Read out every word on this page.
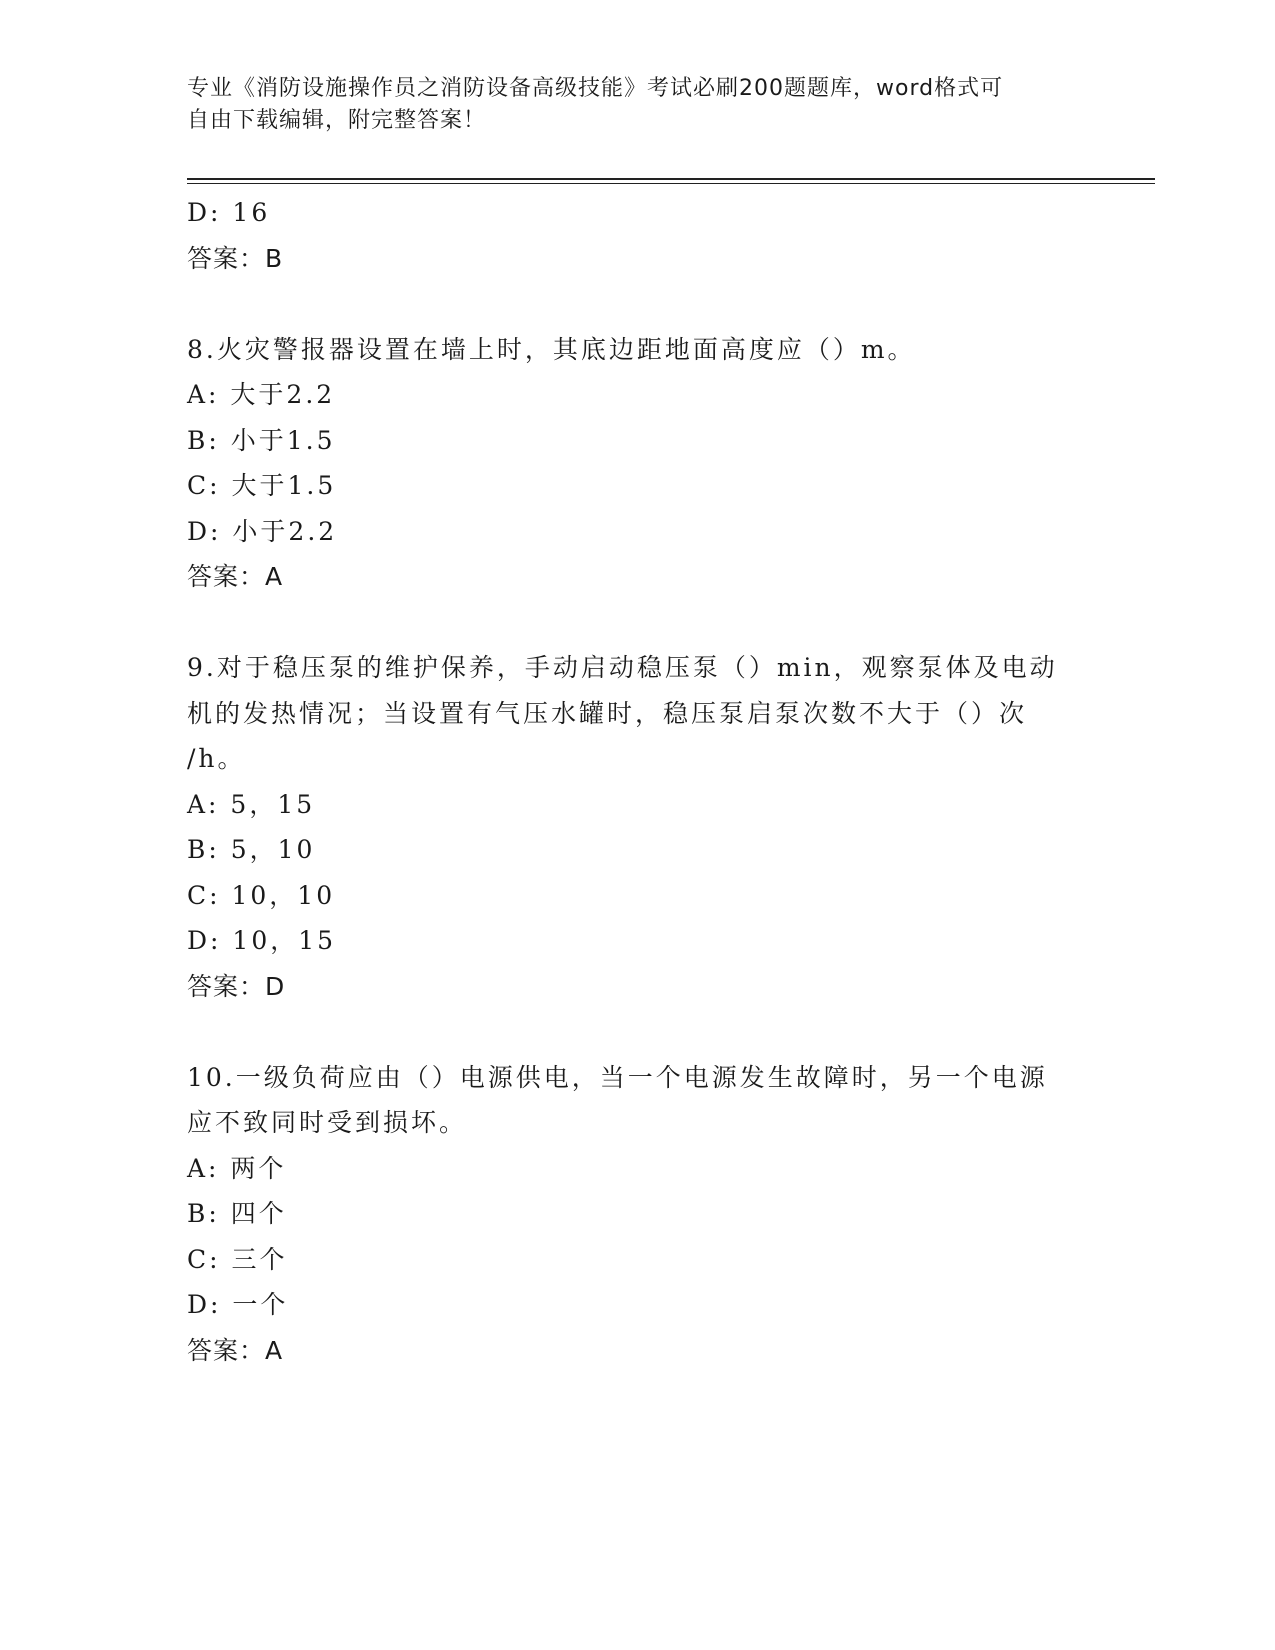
专业《消防设施操作员之消防设备高级技能》考试必刷200题题库，word格式可
自由下载编辑，附完整答案！
D: 16
答案：B
8.火灾警报器设置在墙上时，其底边距地面高度应（）m。
A: 大于2.2
B: 小于1.5
C: 大于1.5
D: 小于2.2
答案：A
9.对于稳压泵的维护保养，手动启动稳压泵（）min，观察泵体及电动
机的发热情况；当设置有气压水罐时，稳压泵启泵次数不大于（）次
/h。
A: 5，15
B: 5，10
C: 10，10
D: 10，15
答案：D
10.一级负荷应由（）电源供电，当一个电源发生故障时，另一个电源
应不致同时受到损坏。
A: 两个
B: 四个
C: 三个
D: 一个
答案：A
